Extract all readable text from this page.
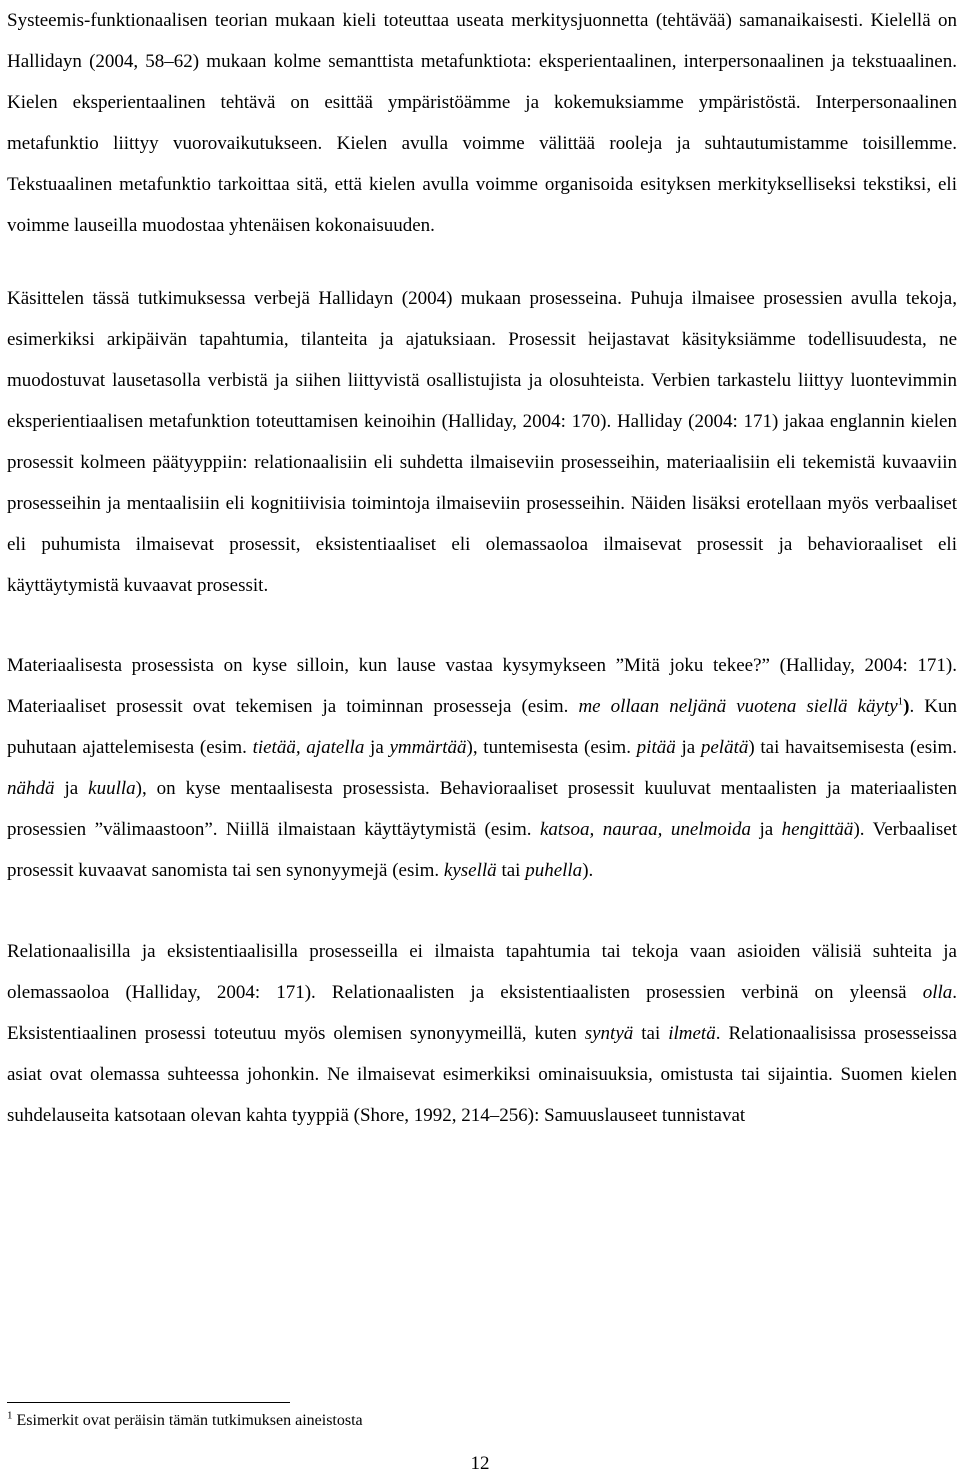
Systeemis-funktionaalisen teorian mukaan kieli toteuttaa useata merkitysjuonnetta (tehtävää) samanaikaisesti. Kielellä on Hallidayn (2004, 58–62) mukaan kolme semanttista metafunktiota: eksperientaalinen, interpersonaalinen ja tekstuaalinen. Kielen eksperientaalinen tehtävä on esittää ympäristöämme ja kokemuksiamme ympäristöstä. Interpersonaalinen metafunktio liittyy vuorovaikutukseen. Kielen avulla voimme välittää rooleja ja suhtautumistamme toisillemme. Tekstuaalinen metafunktio tarkoittaa sitä, että kielen avulla voimme organisoida esityksen merkitykselliseksi tekstiksi, eli voimme lauseilla muodostaa yhtenäisen kokonaisuuden.

Käsittelen tässä tutkimuksessa verbejä Hallidayn (2004) mukaan prosesseina. Puhuja ilmaisee prosessien avulla tekoja, esimerkiksi arkipäivän tapahtumia, tilanteita ja ajatuksiaan. Prosessit heijastavat käsityksiämme todellisuudesta, ne muodostuvat lausetasolla verbistä ja siihen liittyvistä osallistujista ja olosuhteista. Verbien tarkastelu liittyy luontevimmin eksperientiaalisen metafunktion toteuttamisen keinoihin (Halliday, 2004: 170). Halliday (2004: 171) jakaa englannin kielen prosessit kolmeen päätyyppiin: relationaalisiin eli suhdetta ilmaiseviin prosesseihin, materiaalisiin eli tekemistä kuvaaviin prosesseihin ja mentaalisiin eli kognitiivisia toimintoja ilmaiseviin prosesseihin. Näiden lisäksi erotellaan myös verbaaliset eli puhumista ilmaisevat prosessit, eksistentiaaliset eli olemassaoloa ilmaisevat prosessit ja behavioraaliset eli käyttäytymistä kuvaavat prosessit.

Materiaalisesta prosessista on kyse silloin, kun lause vastaa kysymykseen ”Mitä joku tekee?” (Halliday, 2004: 171). Materiaaliset prosessit ovat tekemisen ja toiminnan prosesseja (esim. me ollaan neljänä vuotena siellä käyty$^1$). Kun puhutaan ajattelemisesta (esim. tietää, ajatella ja ymmärtää), tuntemisesta (esim. pitää ja pelätä) tai havaitsemisesta (esim. nähdä ja kuulla), on kyse mentaalisesta prosessista. Behavioraaliset prosessit kuuluvat mentaalisten ja materiaalisten prosessien ”välimaastoon”. Niillä ilmaistaan käyttäytymistä (esim. katsoa, nauraa, unelmoida ja hengittää). Verbaaliset prosessit kuvaavat sanomista tai sen synonyymejä (esim. kysellä tai puhella).

Relationaalisilla ja eksistentiaalisilla prosesseilla ei ilmaista tapahtumia tai tekoja vaan asioiden välisiä suhteita ja olemassaoloa (Halliday, 2004: 171). Relationaalisten ja eksistentiaalisten prosessien verbinä on yleensä olla. Eksistentiaalinen prosessi toteutuu myös olemisen synonyymeillä, kuten syntyä tai ilmetä. Relationaalisissa prosesseissa asiat ovat olemassa suhteessa johonkin. Ne ilmaisevat esimerkiksi ominaisuuksia, omistusta tai sijaintia. Suomen kielen suhdelauseita katsotaan olevan kahta tyyppiä (Shore, 1992, 214–256): Samuuslauseet tunnistavat

$^1$ Esimerkit ovat peräisin tämän tutkimuksen aineistosta
12
